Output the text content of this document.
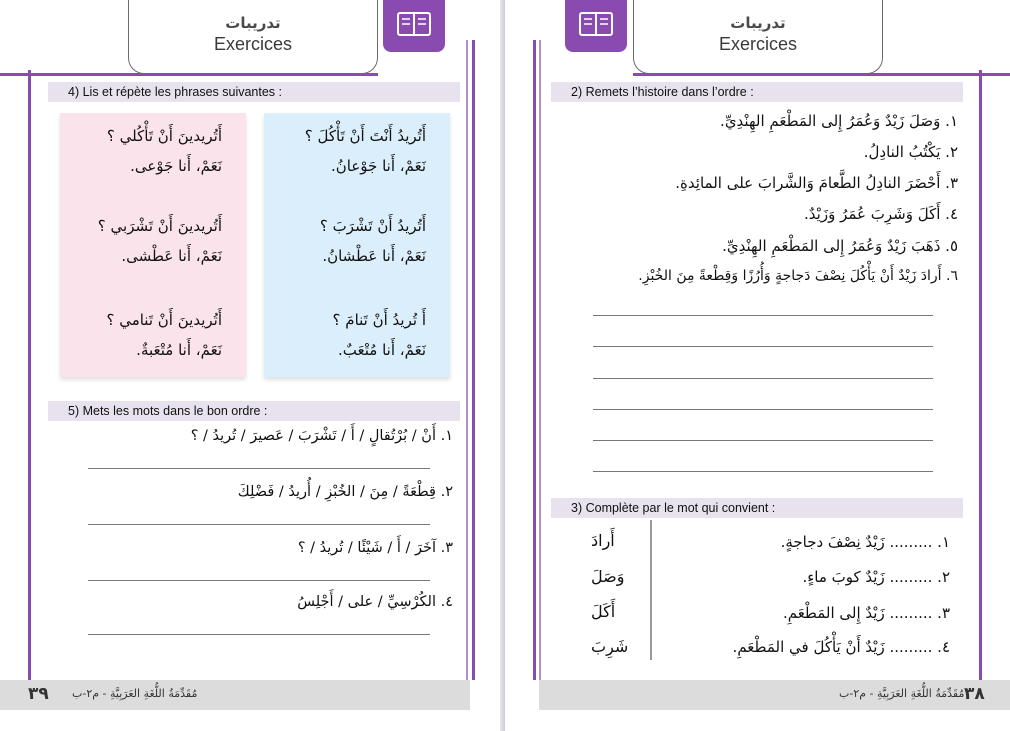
تدريبات
Exercices
4) Lis et répète les phrases suivantes :
أَتُريدُ أَنْتَ أَنْ تَأْكُلَ ؟
نَعَمْ، أَنا جَوْعانُ.
أَتُريدُ أَنْ تَشْرَبَ ؟
نَعَمْ، أَنا عَطْشانُ.
أَ تُريدُ أَنْ تَنامَ ؟
نَعَمْ، أَنا مُتْعَبٌ.
أَتُريدينَ أَنْ تَأْكُلي ؟
نَعَمْ، أَنا جَوْعى.
أَتُريدينَ أَنْ تَشْرَبي ؟
نَعَمْ، أَنا عَطْشى.
أَتُريدينَ أَنْ تَنامي ؟
نَعَمْ، أَنا مُتْعَبةٌ.
5) Mets les mots dans le bon ordre :
١. أَنْ / بُرْتُقالٍ / أَ / تَشْرَبَ / عَصيرَ / تُريدُ / ؟
٢. قِطْعَةً / مِنَ / الخُبْزِ / أُريدُ / فَضْلِكَ
٣. آخَرَ / أَ / شَيْئًا / تُريدُ / ؟
٤. الكُرْسِيِّ / على / أَجْلِسُ
٣٩ مُقَدِّمَةُ اللُّغَةِ العَرَبِيَّةِ - م٢-ب
تدريبات
Exercices
2) Remets l’histoire dans l’ordre :
١. وَصَلَ زَيْدٌ وَعُمَرُ إِلى المَطْعَمِ الهِنْدِيِّ.
٢. يَكْتُبُ النادِلُ.
٣. أَحْضَرَ النادِلُ الطَّعامَ وَالشَّرابَ على المائِدةِ.
٤. أَكَلَ وَشَرِبَ عُمَرُ وَزَيْدٌ.
٥. ذَهَبَ زَيْدٌ وَعُمَرُ إِلى المَطْعَمِ الهِنْدِيِّ.
٦. أَرادَ زَيْدٌ أَنْ يَأْكُلَ نِصْفَ دَجاجةٍ وَأُرُزًا وَقِطْعةً مِنَ الخُبْزِ.
3) Complète par le mot qui convient :
١. ......... زَيْدٌ نِصْفَ دجاجةٍ.
٢. ......... زَيْدٌ كوبَ ماءٍ.
٣. ......... زَيْدٌ إِلى المَطْعَمِ.
٤. ......... زَيْدٌ أَنْ يَأْكُلَ في المَطْعَمِ.
أَرادَ
وَصَلَ
أَكَلَ
شَرِبَ
مُقَدِّمَةُ اللُّغَةِ العَرَبِيَّةِ - م٢-ب ٣٨
